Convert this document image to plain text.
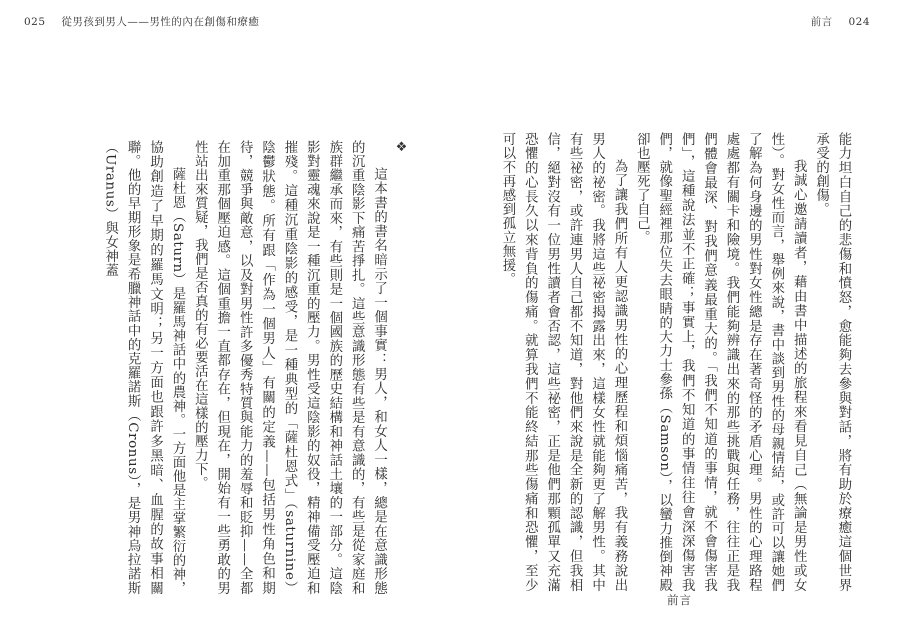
025 從男孩到男人——男性的內在創傷和療癒	前言 024

能力坦白自己的悲傷和憤怒，愈能夠去參與對話，將有助於療癒這個世界承受的創傷。

我誠心邀請讀者，藉由書中描述的旅程來看見自己（無論是男性或女性）。對女性而言，舉例來說，書中談到男性的母親情結，或許可以讓她們了解為何身邊的男性對女性總是存在著奇怪的矛盾心理。男性的心理路程處處都有關卡和險境。我們能夠辨識出來的那些挑戰與任務，往往正是我們體會最深、對我們意義最重大的。「我們不知道的事情，就不會傷害我們」，這種說法並不正確；事實上，我們不知道的事情往往會深深傷害我們，就像聖經裡那位失去眼睛的大力士參孫（Samson），以蠻力推倒神殿卻也壓死了自己。

為了讓我們所有人更認識男性的心理歷程和煩惱痛苦，我有義務說出男人的祕密。我將這些祕密揭露出來，這樣女性就能夠更了解男性。其中有些祕密，或許連男人自己都不知道，對他們來說是全新的認識，但我相信，絕對沒有一位男性讀者會否認，這些祕密，正是他們那顆孤單又充滿恐懼的心長久以來背負的傷痛。就算我們不能終結那些傷痛和恐懼，至少可以不再感到孤立無援。

❖

這本書的書名暗示了一個事實：男人，和女人一樣，總是在意識形態的沉重陰影下痛苦掙扎。這些意識形態有些是有意識的，有些是從家庭和族群繼承而來，有些則是一個國族的歷史結構和神話土壤的一部分。這陰影對靈魂來說是一種沉重的壓力。男性受這陰影的奴役，精神備受壓迫和摧殘。這種沉重陰影的感受，是一種典型的「薩杜恩式」（saturnine）陰鬱狀態。所有跟「作為一個男人」有關的定義——包括男性角色和期待，競爭與敵意，以及對男性許多優秀特質與能力的羞辱和貶抑——全都在加重那個壓迫感。這個重擔一直都存在，但現在，開始有一些勇敢的男性站出來質疑，我們是否真的有必要活在這樣的壓力下。

薩杜恩（Saturn）是羅馬神話中的農神。一方面他是主掌繁衍的神，協助創造了早期的羅馬文明；另一方面也跟許多黑暗、血腥的故事相關聯。他的早期形象是希臘神話中的克羅諾斯（Cronus），是男神烏拉諾斯（Uranus）與女神蓋

前言
